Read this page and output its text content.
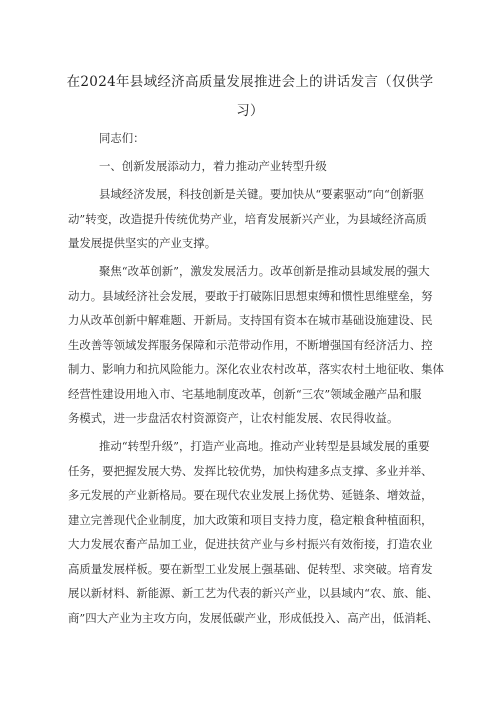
在2024年县域经济高质量发展推进会上的讲话发言（仅供学
习）

同志们：

一、创新发展添动力，着力推动产业转型升级

县域经济发展，科技创新是关键。要加快从“要素驱动”向“创新驱

动”转变，改造提升传统优势产业，培育发展新兴产业，为县域经济高质

量发展提供坚实的产业支撑。

聚焦“改革创新”，激发发展活力。改革创新是推动县域发展的强大

动力。县域经济社会发展，要敢于打破陈旧思想束缚和惯性思维壁垒，努

力从改革创新中解难题、开新局。支持国有资本在城市基础设施建设、民

生改善等领域发挥服务保障和示范带动作用，不断增强国有经济活力、控

制力、影响力和抗风险能力。深化农业农村改革，落实农村土地征收、集体

经营性建设用地入市、宅基地制度改革，创新“三农”领域金融产品和服

务模式，进一步盘活农村资源资产，让农村能发展、农民得收益。

推动“转型升级”，打造产业高地。推动产业转型是县域发展的重要

任务，要把握发展大势、发挥比较优势，加快构建多点支撑、多业并举、

多元发展的产业新格局。要在现代农业发展上扬优势、延链条、增效益，

建立完善现代企业制度，加大政策和项目支持力度，稳定粮食种植面积，

大力发展农畜产品加工业，促进扶贫产业与乡村振兴有效衔接，打造农业

高质量发展样板。要在新型工业发展上强基础、促转型、求突破。培育发

展以新材料、新能源、新工艺为代表的新兴产业，以县域内“农、旅、能、

商”四大产业为主攻方向，发展低碳产业，形成低投入、高产出，低消耗、
